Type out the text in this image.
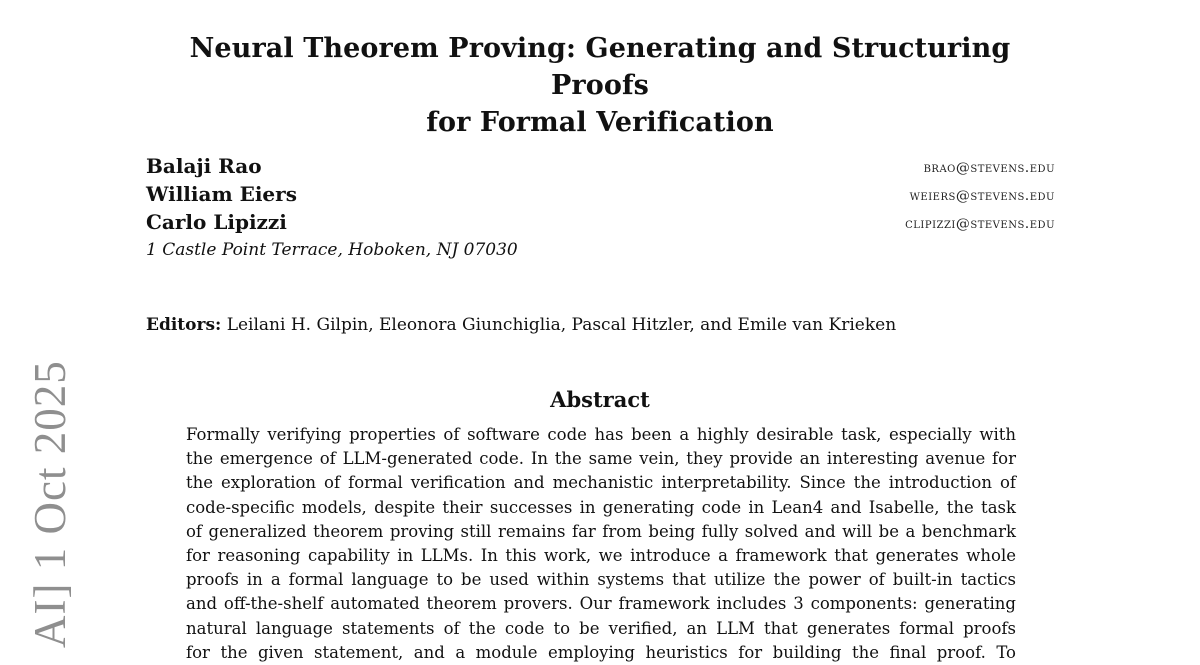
Neural Theorem Proving: Generating and Structuring Proofs
for Formal Verification
Balaji Rao	brao@stevens.edu
William Eiers	weiers@stevens.edu
Carlo Lipizzi	clipizzi@stevens.edu
1 Castle Point Terrace, Hoboken, NJ 07030
Editors: Leilani H. Gilpin, Eleonora Giunchiglia, Pascal Hitzler, and Emile van Krieken
Abstract
Formally verifying properties of software code has been a highly desirable task, especially with
the emergence of LLM-generated code. In the same vein, they provide an interesting avenue for
the exploration of formal verification and mechanistic interpretability. Since the introduction of
code-specific models, despite their successes in generating code in Lean4 and Isabelle, the task
of generalized theorem proving still remains far from being fully solved and will be a benchmark
for reasoning capability in LLMs. In this work, we introduce a framework that generates whole
proofs in a formal language to be used within systems that utilize the power of built-in tactics
and off-the-shelf automated theorem provers. Our framework includes 3 components: generating
natural language statements of the code to be verified, an LLM that generates formal proofs
for the given statement, and a module employing heuristics for building the final proof. To
AI] 1 Oct 2025
